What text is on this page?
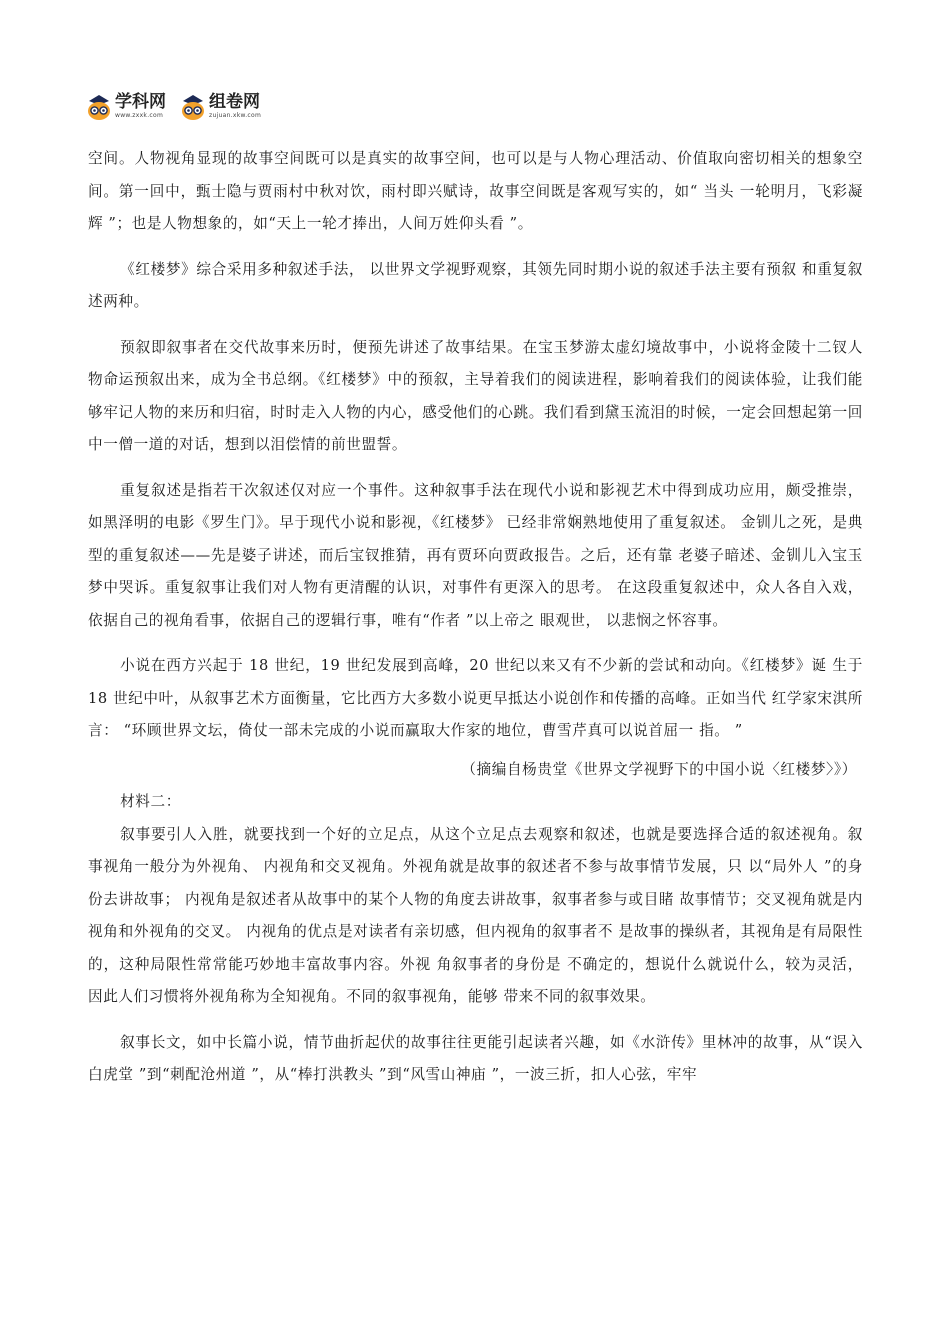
学科网
www.zxxk.com
组卷网
zujuan.xkw.com

空间。人物视角显现的故事空间既可以是真实的故事空间，也可以是与人物心理活动、价值取向密切相关的想象空间。第一回中，甄士隐与贾雨村中秋对饮，雨村即兴赋诗，故事空间既是客观写实的，如“ 当头 一轮明月，飞彩凝辉 ”；也是人物想象的，如“天上一轮才捧出，人间万姓仰头看 ”。

《红楼梦》综合采用多种叙述手法， 以世界文学视野观察，其领先同时期小说的叙述手法主要有预叙 和重复叙述两种。

预叙即叙事者在交代故事来历时，便预先讲述了故事结果。在宝玉梦游太虚幻境故事中，小说将金陵十二钗人物命运预叙出来，成为全书总纲。《红楼梦》中的预叙，主导着我们的阅读进程，影响着我们的阅读体验，让我们能够牢记人物的来历和归宿，时时走入人物的内心，感受他们的心跳。我们看到黛玉流泪的时候，一定会回想起第一回中一僧一道的对话，想到以泪偿情的前世盟誓。

重复叙述是指若干次叙述仅对应一个事件。这种叙事手法在现代小说和影视艺术中得到成功应用，颇受推崇，如黑泽明的电影《罗生门》。早于现代小说和影视，《红楼梦》 已经非常娴熟地使用了重复叙述。 金钏儿之死，是典型的重复叙述——先是婆子讲述，而后宝钗推猜，再有贾环向贾政报告。之后，还有靠 老婆子暗述、金钏儿入宝玉梦中哭诉。重复叙事让我们对人物有更清醒的认识，对事件有更深入的思考。 在这段重复叙述中，众人各自入戏，依据自己的视角看事，依据自己的逻辑行事，唯有“作者 ”以上帝之 眼观世， 以悲悯之怀容事。

小说在西方兴起于 18 世纪，19 世纪发展到高峰，20 世纪以来又有不少新的尝试和动向。《红楼梦》诞 生于 18 世纪中叶，从叙事艺术方面衡量，它比西方大多数小说更早抵达小说创作和传播的高峰。正如当代 红学家宋淇所言： “环顾世界文坛，倚仗一部未完成的小说而赢取大作家的地位，曹雪芹真可以说首屈一 指。 ”

（摘编自杨贵堂《世界文学视野下的中国小说〈红楼梦〉》）

材料二：

叙事要引人入胜，就要找到一个好的立足点，从这个立足点去观察和叙述，也就是要选择合适的叙述视角。叙事视角一般分为外视角、 内视角和交叉视角。外视角就是故事的叙述者不参与故事情节发展，只 以“局外人 ”的身份去讲故事； 内视角是叙述者从故事中的某个人物的角度去讲故事，叙事者参与或目睹 故事情节；交叉视角就是内视角和外视角的交叉。 内视角的优点是对读者有亲切感，但内视角的叙事者不 是故事的操纵者，其视角是有局限性的，这种局限性常常能巧妙地丰富故事内容。外视 角叙事者的身份是 不确定的，想说什么就说什么，较为灵活， 因此人们习惯将外视角称为全知视角。不同的叙事视角，能够 带来不同的叙事效果。

叙事长文，如中长篇小说，情节曲折起伏的故事往往更能引起读者兴趣，如《水浒传》里林冲的故事，从“误入白虎堂 ”到“刺配沧州道 ”，从“棒打洪教头 ”到“风雪山神庙 ”，一波三折，扣人心弦，牢牢
